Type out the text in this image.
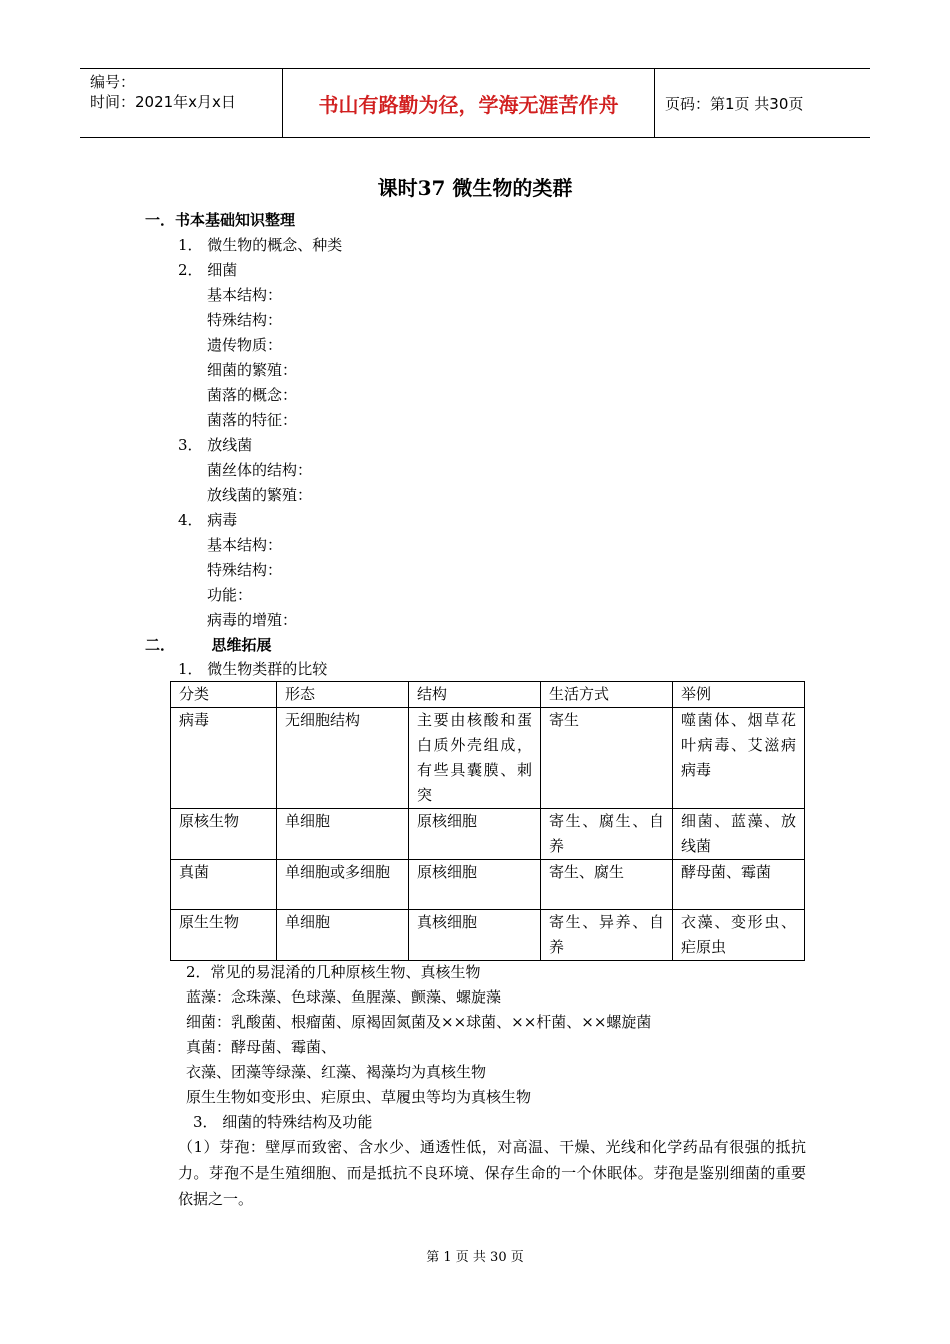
编号：
时间：2021年x月x日	书山有路勤为径，学海无涯苦作舟	页码：第1页 共30页
课时37 微生物的类群
一．书本基础知识整理
1． 微生物的概念、种类
2． 细菌
基本结构：
特殊结构：
遗传物质：
细菌的繁殖：
菌落的概念：
菌落的特征：
3． 放线菌
菌丝体的结构：
放线菌的繁殖：
4． 病毒
基本结构：
特殊结构：
功能：
病毒的增殖：
二．       思维拓展
1． 微生物类群的比较
分类	形态	结构	生活方式	举例
病毒	无细胞结构	主要由核酸和蛋白质外壳组成，有些具囊膜、刺突	寄生	噬菌体、烟草花叶病毒、艾滋病病毒
原核生物	单细胞	原核细胞	寄生、腐生、自养	细菌、蓝藻、放线菌
真菌	单细胞或多细胞	原核细胞	寄生、腐生	酵母菌、霉菌
原生生物	单细胞	真核细胞	寄生、异养、自养	衣藻、变形虫、疟原虫
2．常见的易混淆的几种原核生物、真核生物
蓝藻：念珠藻、色球藻、鱼腥藻、颤藻、螺旋藻
细菌：乳酸菌、根瘤菌、原褐固氮菌及××球菌、××杆菌、××螺旋菌
真菌：酵母菌、霉菌、
衣藻、团藻等绿藻、红藻、褐藻均为真核生物
原生生物如变形虫、疟原虫、草履虫等均为真核生物
3． 细菌的特殊结构及功能
（1）芽孢：壁厚而致密、含水少、通透性低，对高温、干燥、光线和化学药品有很强的抵抗力。芽孢不是生殖细胞、而是抵抗不良环境、保存生命的一个休眠体。芽孢是鉴别细菌的重要依据之一。
第 1 页 共 30 页
